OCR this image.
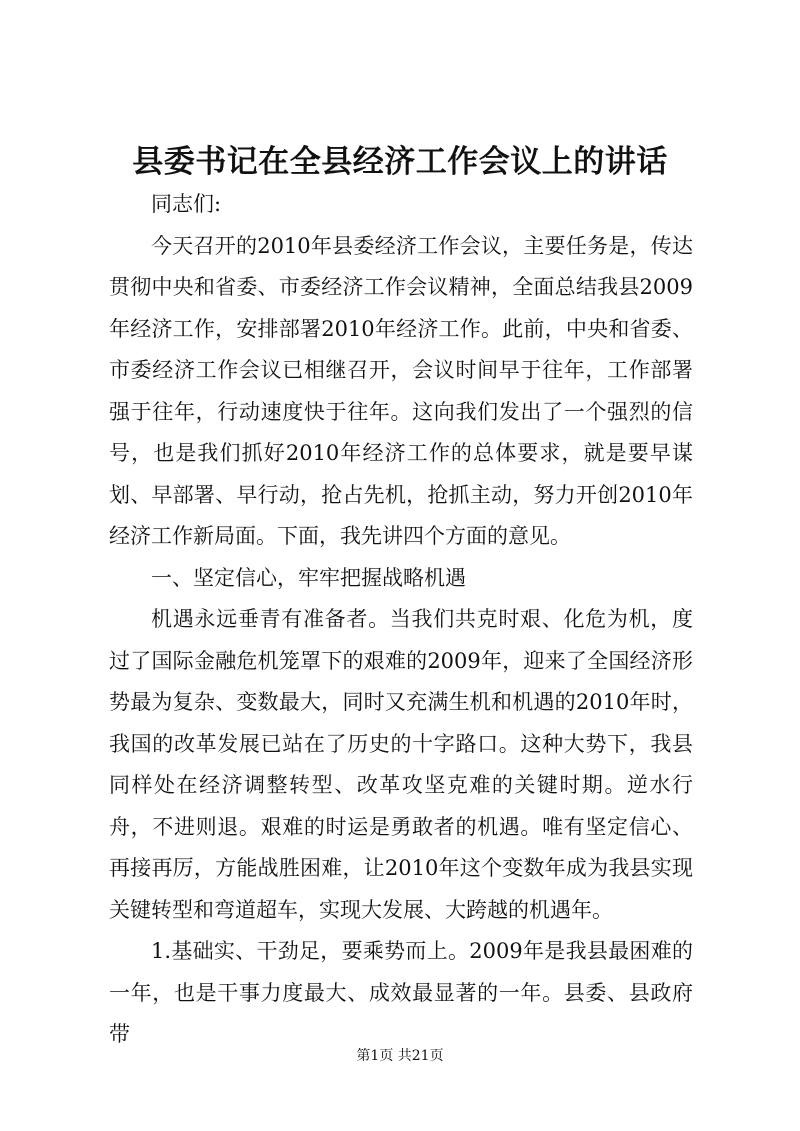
县委书记在全县经济工作会议上的讲话

同志们:

今天召开的2010年县委经济工作会议，主要任务是，传达贯彻中央和省委、市委经济工作会议精神，全面总结我县2009年经济工作，安排部署2010年经济工作。此前，中央和省委、市委经济工作会议已相继召开，会议时间早于往年，工作部署强于往年，行动速度快于往年。这向我们发出了一个强烈的信号，也是我们抓好2010年经济工作的总体要求，就是要早谋划、早部署、早行动，抢占先机，抢抓主动，努力开创2010年经济工作新局面。下面，我先讲四个方面的意见。

一、坚定信心，牢牢把握战略机遇

机遇永远垂青有准备者。当我们共克时艰、化危为机，度过了国际金融危机笼罩下的艰难的2009年，迎来了全国经济形势最为复杂、变数最大，同时又充满生机和机遇的2010年时，我国的改革发展已站在了历史的十字路口。这种大势下，我县同样处在经济调整转型、改革攻坚克难的关键时期。逆水行舟，不进则退。艰难的时运是勇敢者的机遇。唯有坚定信心、再接再厉，方能战胜困难，让2010年这个变数年成为我县实现关键转型和弯道超车，实现大发展、大跨越的机遇年。

1.基础实、干劲足，要乘势而上。2009年是我县最困难的一年，也是干事力度最大、成效最显著的一年。县委、县政府带

第1页 共21页
